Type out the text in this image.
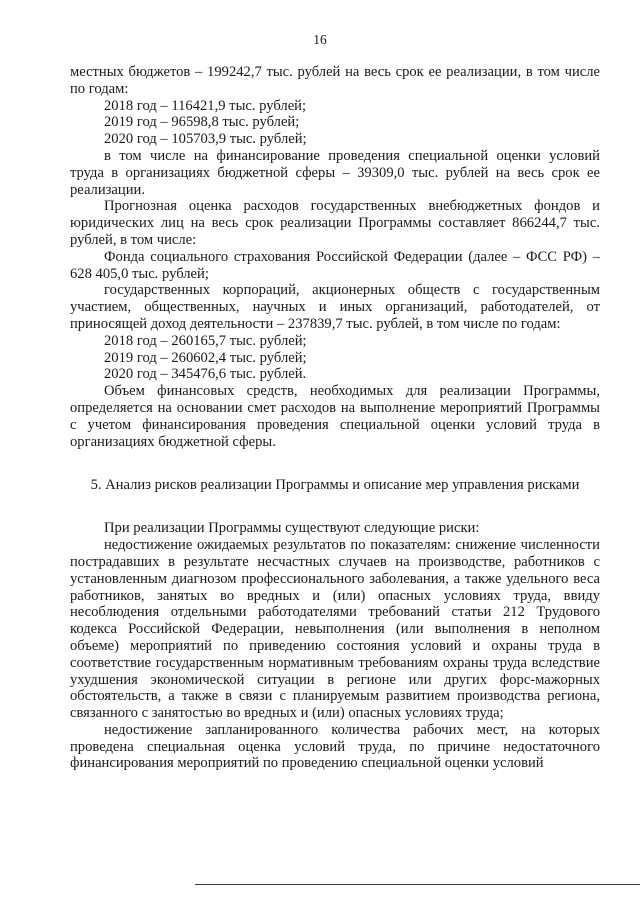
16

местных бюджетов – 199242,7 тыс. рублей на весь срок ее реализации, в том числе по годам:

2018 год – 116421,9 тыс. рублей;

2019 год – 96598,8 тыс. рублей;

2020 год – 105703,9 тыс. рублей;

в том числе на финансирование проведения специальной оценки условий труда в организациях бюджетной сферы – 39309,0 тыс. рублей на весь срок ее реализации.

Прогнозная оценка расходов государственных внебюджетных фондов и юридических лиц на весь срок реализации Программы составляет 866244,7 тыс. рублей, в том числе:

Фонда социального страхования Российской Федерации (далее – ФСС РФ) – 628 405,0 тыс. рублей;

государственных корпораций, акционерных обществ с государственным участием, общественных, научных и иных организаций, работодателей, от приносящей доход деятельности – 237839,7 тыс. рублей, в том числе по годам:

2018 год – 260165,7 тыс. рублей;

2019 год – 260602,4 тыс. рублей;

2020 год – 345476,6 тыс. рублей.

Объем финансовых средств, необходимых для реализации Программы, определяется на основании смет расходов на выполнение мероприятий Программы с учетом финансирования проведения специальной оценки условий труда в организациях бюджетной сферы.

5. Анализ рисков реализации Программы и описание мер управления рисками

При реализации Программы существуют следующие риски:

недостижение ожидаемых результатов по показателям: снижение численности пострадавших в результате несчастных случаев на производстве, работников с установленным диагнозом профессионального заболевания, а также удельного веса работников, занятых во вредных и (или) опасных условиях труда, ввиду несоблюдения отдельными работодателями требований статьи 212 Трудового кодекса Российской Федерации, невыполнения (или выполнения в неполном объеме) мероприятий по приведению состояния условий и охраны труда в соответствие государственным нормативным требованиям охраны труда вследствие ухудшения экономической ситуации в регионе или других форс-мажорных обстоятельств, а также в связи с планируемым развитием производства региона, связанного с занятостью во вредных и (или) опасных условиях труда;

недостижение запланированного количества рабочих мест, на которых проведена специальная оценка условий труда, по причине недостаточного финансирования мероприятий по проведению специальной оценки условий
